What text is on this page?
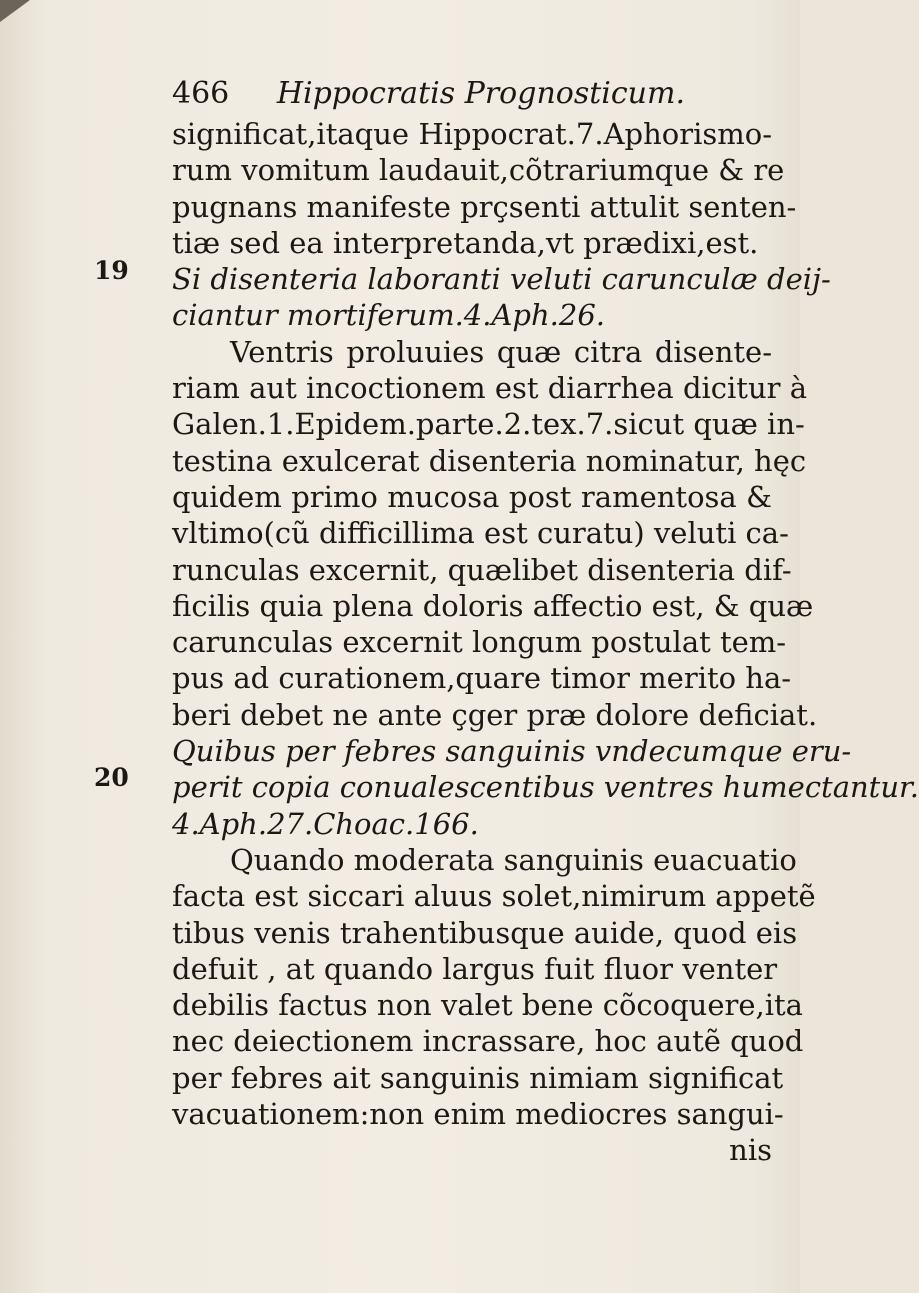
466 Hippocratis Prognosticum.
19
20
significat,itaque Hippocrat.7.Aphorismo-
rum vomitum laudauit,cõtrariumque & re
pugnans manifeste prçsenti attulit senten-
tiæ sed ea interpretanda,vt prædixi,est.
Si disenteria laboranti veluti carunculæ deij-
ciantur mortiferum.4.Aph.26.
Ventris proluuies quæ citra disente-
riam aut incoctionem est diarrhea dicitur à
Galen.1.Epidem.parte.2.tex.7.sicut quæ in-
testina exulcerat disenteria nominatur, hęc
quidem primo mucosa post ramentosa &
vltimo(cũ difficillima est curatu) veluti ca-
runculas excernit, quælibet disenteria dif-
ficilis quia plena doloris affectio est, & quæ
carunculas excernit longum postulat tem-
pus ad curationem,quare timor merito ha-
beri debet ne ante çger præ dolore deficiat.
Quibus per febres sanguinis vndecumque eru-
perit copia conualescentibus ventres humectantur.
4.Aph.27.Choac.166.
Quando moderata sanguinis euacuatio
facta est siccari aluus solet,nimirum appetẽ
tibus venis trahentibusque auide, quod eis
defuit , at quando largus fuit fluor venter
debilis factus non valet bene cõcoquere,ita
nec deiectionem incrassare, hoc autẽ quod
per febres ait sanguinis nimiam significat
vacuationem:non enim mediocres sangui-
nis
